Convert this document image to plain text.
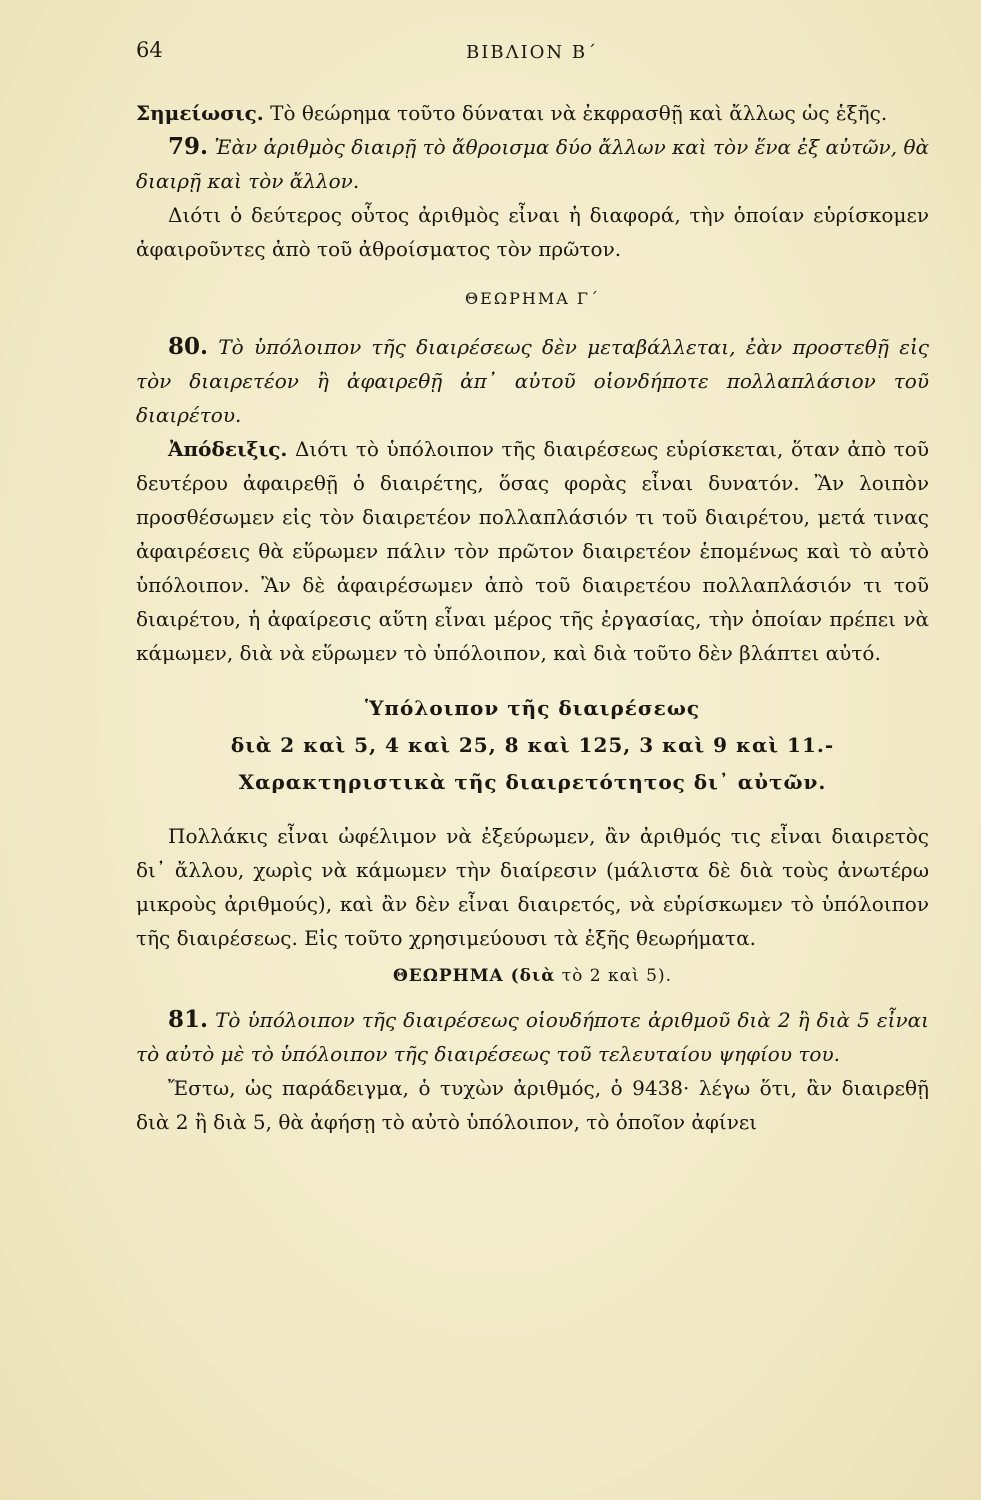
64	ΒΙΒΛΙΟΝ Β΄

Σημείωσις. Τὸ θεώρημα τοῦτο δύναται νὰ ἐκφρασθῇ καὶ ἄλλως ὡς ἑξῆς.

79. Ἐὰν ἀριθμὸς διαιρῇ τὸ ἄθροισμα δύο ἄλλων καὶ τὸν ἕνα ἐξ αὐτῶν, θὰ διαιρῇ καὶ τὸν ἄλλον.

Διότι ὁ δεύτερος οὗτος ἀριθμὸς εἶναι ἡ διαφορά, τὴν ὁποίαν εὑρίσκομεν ἀφαιροῦντες ἀπὸ τοῦ ἀθροίσματος τὸν πρῶτον.

ΘΕΩΡΗΜΑ Γ΄

80. Τὸ ὑπόλοιπον τῆς διαιρέσεως δὲν μεταβάλλεται, ἐὰν προστεθῇ εἰς τὸν διαιρετέον ἢ ἀφαιρεθῇ ἀπ᾽ αὐτοῦ οἱονδήποτε πολλαπλάσιον τοῦ διαιρέτου.

Ἀπόδειξις. Διότι τὸ ὑπόλοιπον τῆς διαιρέσεως εὑρίσκεται, ὅταν ἀπὸ τοῦ δευτέρου ἀφαιρεθῇ ὁ διαιρέτης, ὅσας φορὰς εἶναι δυνατόν. Ἂν λοιπὸν προσθέσωμεν εἰς τὸν διαιρετέον πολλαπλάσιόν τι τοῦ διαιρέτου, μετά τινας ἀφαιρέσεις θὰ εὕρωμεν πάλιν τὸν πρῶτον διαιρετέον ἑπομένως καὶ τὸ αὐτὸ ὑπόλοιπον. Ἂν δὲ ἀφαιρέσωμεν ἀπὸ τοῦ διαιρετέου πολλαπλάσιόν τι τοῦ διαιρέτου, ἡ ἀφαίρεσις αὕτη εἶναι μέρος τῆς ἐργασίας, τὴν ὁποίαν πρέπει νὰ κάμωμεν, διὰ νὰ εὕρωμεν τὸ ὑπόλοιπον, καὶ διὰ τοῦτο δὲν βλάπτει αὐτό.

Ὑπόλοιπον τῆς διαιρέσεως
διὰ 2 καὶ 5, 4 καὶ 25, 8 καὶ 125, 3 καὶ 9 καὶ 11.-
Χαρακτηριστικὰ τῆς διαιρετότητος δι᾽ αὐτῶν.

Πολλάκις εἶναι ὠφέλιμον νὰ ἐξεύρωμεν, ἂν ἀριθμός τις εἶναι διαιρετὸς δι᾽ ἄλλου, χωρὶς νὰ κάμωμεν τὴν διαίρεσιν (μάλιστα δὲ διὰ τοὺς ἀνωτέρω μικροὺς ἀριθμούς), καὶ ἂν δὲν εἶναι διαιρετός, νὰ εὑρίσκωμεν τὸ ὑπόλοιπον τῆς διαιρέσεως. Εἰς τοῦτο χρησιμεύουσι τὰ ἑξῆς θεωρήματα.

ΘΕΩΡΗΜΑ (διὰ τὸ 2 καὶ 5).

81. Τὸ ὑπόλοιπον τῆς διαιρέσεως οἱουδήποτε ἀριθμοῦ διὰ 2 ἢ διὰ 5 εἶναι τὸ αὐτὸ μὲ τὸ ὑπόλοιπον τῆς διαιρέσεως τοῦ τελευταίου ψηφίου του.

Ἔστω, ὡς παράδειγμα, ὁ τυχὼν ἀριθμός, ὁ 9438· λέγω ὅτι, ἂν διαιρεθῇ διὰ 2 ἢ διὰ 5, θὰ ἀφήσῃ τὸ αὐτὸ ὑπόλοιπον, τὸ ὁποῖον ἀφίνει
